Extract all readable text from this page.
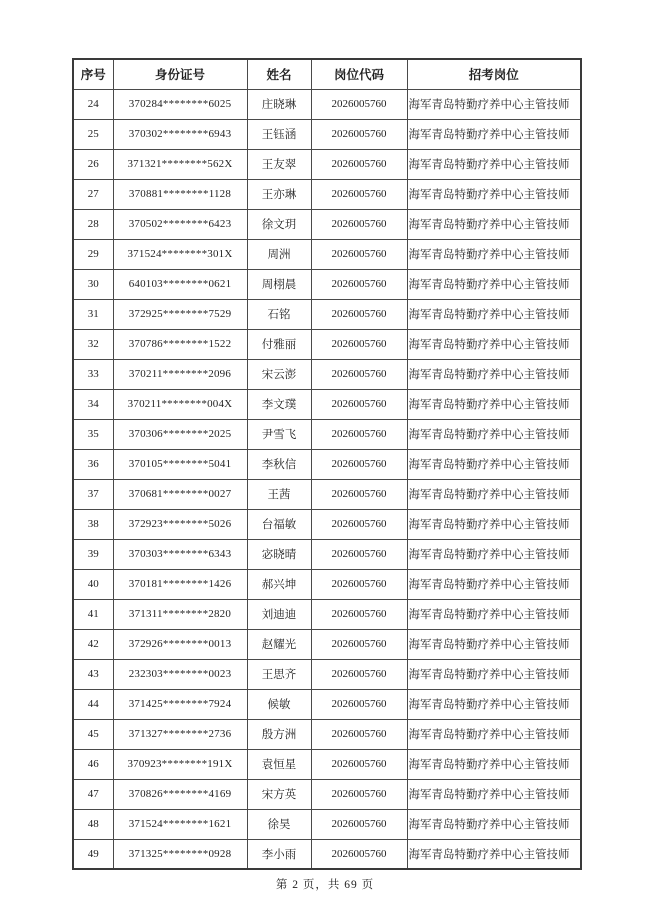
序号	身份证号	姓名	岗位代码	招考岗位
24	370284********6025	庄晓琳	2026005760	海军青岛特勤疗养中心主管技师
25	370302********6943	王钰涵	2026005760	海军青岛特勤疗养中心主管技师
26	371321********562X	王友翠	2026005760	海军青岛特勤疗养中心主管技师
27	370881********1128	王亦琳	2026005760	海军青岛特勤疗养中心主管技师
28	370502********6423	徐文玥	2026005760	海军青岛特勤疗养中心主管技师
29	371524********301X	周洲	2026005760	海军青岛特勤疗养中心主管技师
30	640103********0621	周栩晨	2026005760	海军青岛特勤疗养中心主管技师
31	372925********7529	石铭	2026005760	海军青岛特勤疗养中心主管技师
32	370786********1522	付雅丽	2026005760	海军青岛特勤疗养中心主管技师
33	370211********2096	宋云澎	2026005760	海军青岛特勤疗养中心主管技师
34	370211********004X	李文璞	2026005760	海军青岛特勤疗养中心主管技师
35	370306********2025	尹雪飞	2026005760	海军青岛特勤疗养中心主管技师
36	370105********5041	李秋信	2026005760	海军青岛特勤疗养中心主管技师
37	370681********0027	王茜	2026005760	海军青岛特勤疗养中心主管技师
38	372923********5026	台福敏	2026005760	海军青岛特勤疗养中心主管技师
39	370303********6343	宓晓晴	2026005760	海军青岛特勤疗养中心主管技师
40	370181********1426	郝兴坤	2026005760	海军青岛特勤疗养中心主管技师
41	371311********2820	刘迪迪	2026005760	海军青岛特勤疗养中心主管技师
42	372926********0013	赵耀光	2026005760	海军青岛特勤疗养中心主管技师
43	232303********0023	王思齐	2026005760	海军青岛特勤疗养中心主管技师
44	371425********7924	候敏	2026005760	海军青岛特勤疗养中心主管技师
45	371327********2736	殷方洲	2026005760	海军青岛特勤疗养中心主管技师
46	370923********191X	袁恒星	2026005760	海军青岛特勤疗养中心主管技师
47	370826********4169	宋方英	2026005760	海军青岛特勤疗养中心主管技师
48	371524********1621	徐昊	2026005760	海军青岛特勤疗养中心主管技师
49	371325********0928	李小雨	2026005760	海军青岛特勤疗养中心主管技师
第 2 页，共 69 页
